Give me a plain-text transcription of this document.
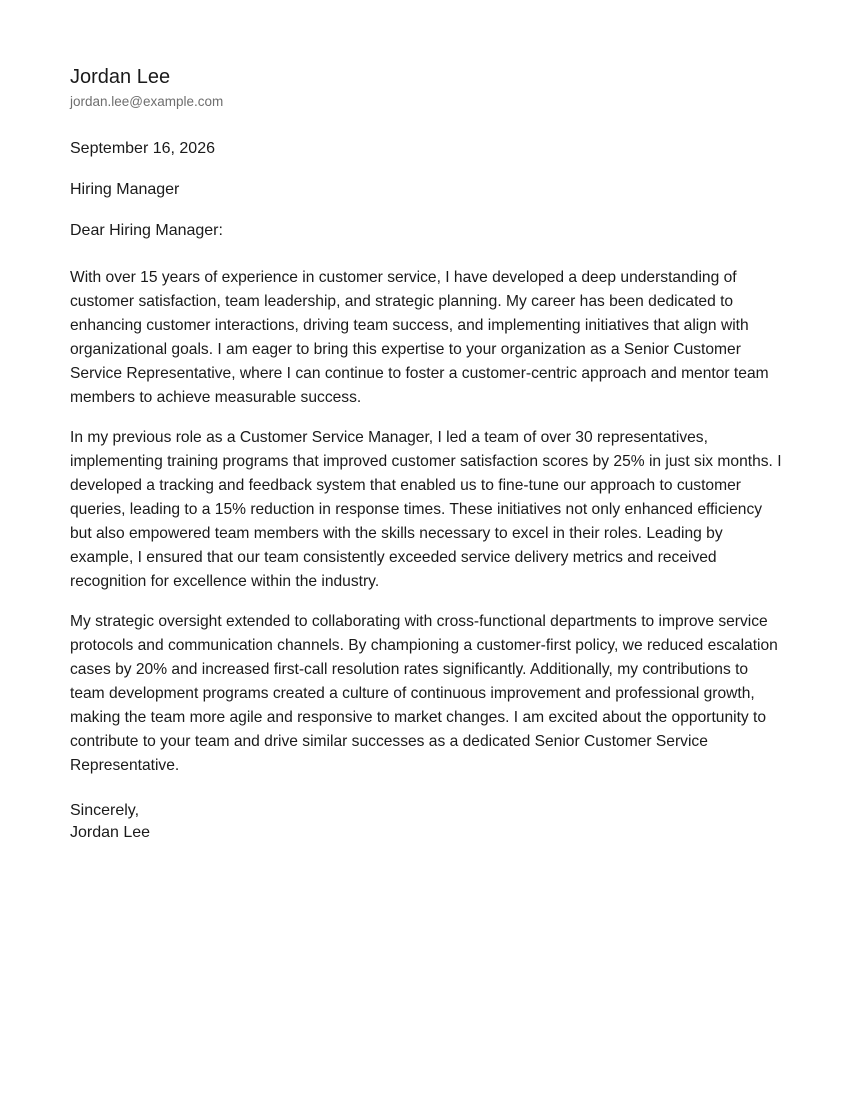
Jordan Lee
jordan.lee@example.com
September 16, 2026
Hiring Manager
Dear Hiring Manager:

With over 15 years of experience in customer service, I have developed a deep understanding of customer satisfaction, team leadership, and strategic planning. My career has been dedicated to enhancing customer interactions, driving team success, and implementing initiatives that align with organizational goals. I am eager to bring this expertise to your organization as a Senior Customer Service Representative, where I can continue to foster a customer-centric approach and mentor team members to achieve measurable success.

In my previous role as a Customer Service Manager, I led a team of over 30 representatives, implementing training programs that improved customer satisfaction scores by 25% in just six months. I developed a tracking and feedback system that enabled us to fine-tune our approach to customer queries, leading to a 15% reduction in response times. These initiatives not only enhanced efficiency but also empowered team members with the skills necessary to excel in their roles. Leading by example, I ensured that our team consistently exceeded service delivery metrics and received recognition for excellence within the industry.

My strategic oversight extended to collaborating with cross-functional departments to improve service protocols and communication channels. By championing a customer-first policy, we reduced escalation cases by 20% and increased first-call resolution rates significantly. Additionally, my contributions to team development programs created a culture of continuous improvement and professional growth, making the team more agile and responsive to market changes. I am excited about the opportunity to contribute to your team and drive similar successes as a dedicated Senior Customer Service Representative.

Sincerely,
Jordan Lee
